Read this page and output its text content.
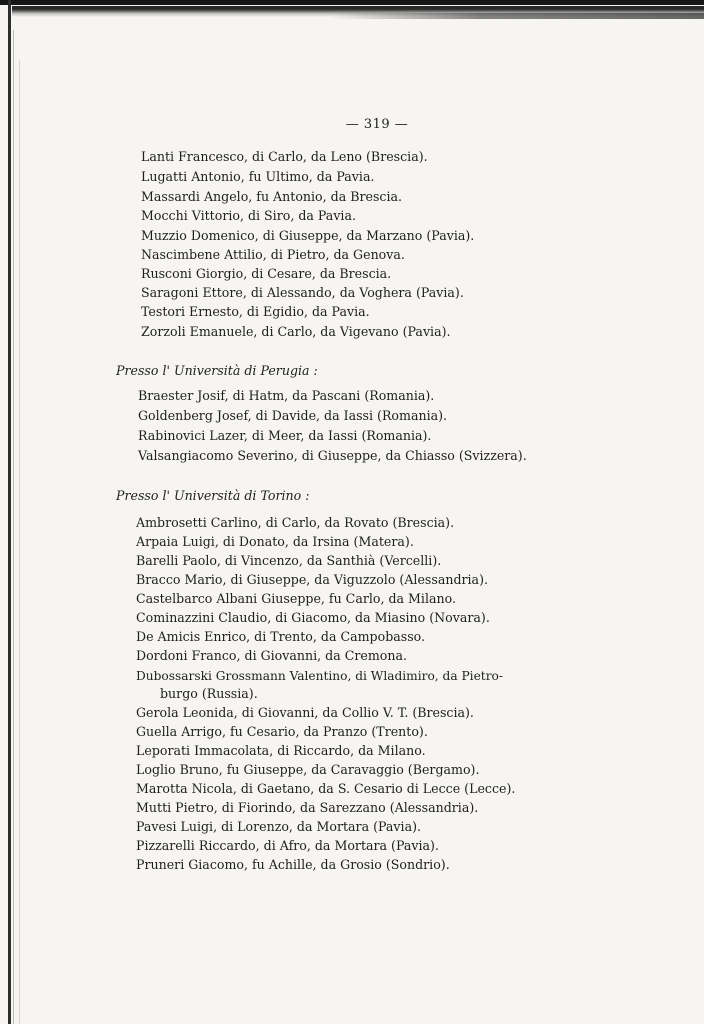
— 319 —
Lanti Francesco, di Carlo, da Leno (Brescia).
Lugatti Antonio, fu Ultimo, da Pavia.
Massardi Angelo, fu Antonio, da Brescia.
Mocchi Vittorio, di Siro, da Pavia.
Muzzio Domenico, di Giuseppe, da Marzano (Pavia).
Nascimbene Attilio, di Pietro, da Genova.
Rusconi Giorgio, di Cesare, da Brescia.
Saragoni Ettore, di Alessando, da Voghera (Pavia).
Testori Ernesto, di Egidio, da Pavia.
Zorzoli Emanuele, di Carlo, da Vigevano (Pavia).
Presso l' Università di Perugia :
Braester Josif, di Hatm, da Pascani (Romania).
Goldenberg Josef, di Davide, da Iassi (Romania).
Rabinovici Lazer, di Meer, da Iassi (Romania).
Valsangiacomo Severino, di Giuseppe, da Chiasso (Svizzera).
Presso l' Università di Torino :
Ambrosetti Carlino, di Carlo, da Rovato (Brescia).
Arpaia Luigi, di Donato, da Irsina (Matera).
Barelli Paolo, di Vincenzo, da Santhià (Vercelli).
Bracco Mario, di Giuseppe, da Viguzzolo (Alessandria).
Castelbarco Albani Giuseppe, fu Carlo, da Milano.
Cominazzini Claudio, di Giacomo, da Miasino (Novara).
De Amicis Enrico, di Trento, da Campobasso.
Dordoni Franco, di Giovanni, da Cremona.
Dubossarski Grossmann Valentino, di Wladimiro, da Pietro-
burgo (Russia).
Gerola Leonida, di Giovanni, da Collio V. T. (Brescia).
Guella Arrigo, fu Cesario, da Pranzo (Trento).
Leporati Immacolata, di Riccardo, da Milano.
Loglio Bruno, fu Giuseppe, da Caravaggio (Bergamo).
Marotta Nicola, di Gaetano, da S. Cesario di Lecce (Lecce).
Mutti Pietro, di Fiorindo, da Sarezzano (Alessandria).
Pavesi Luigi, di Lorenzo, da Mortara (Pavia).
Pizzarelli Riccardo, di Afro, da Mortara (Pavia).
Pruneri Giacomo, fu Achille, da Grosio (Sondrio).
